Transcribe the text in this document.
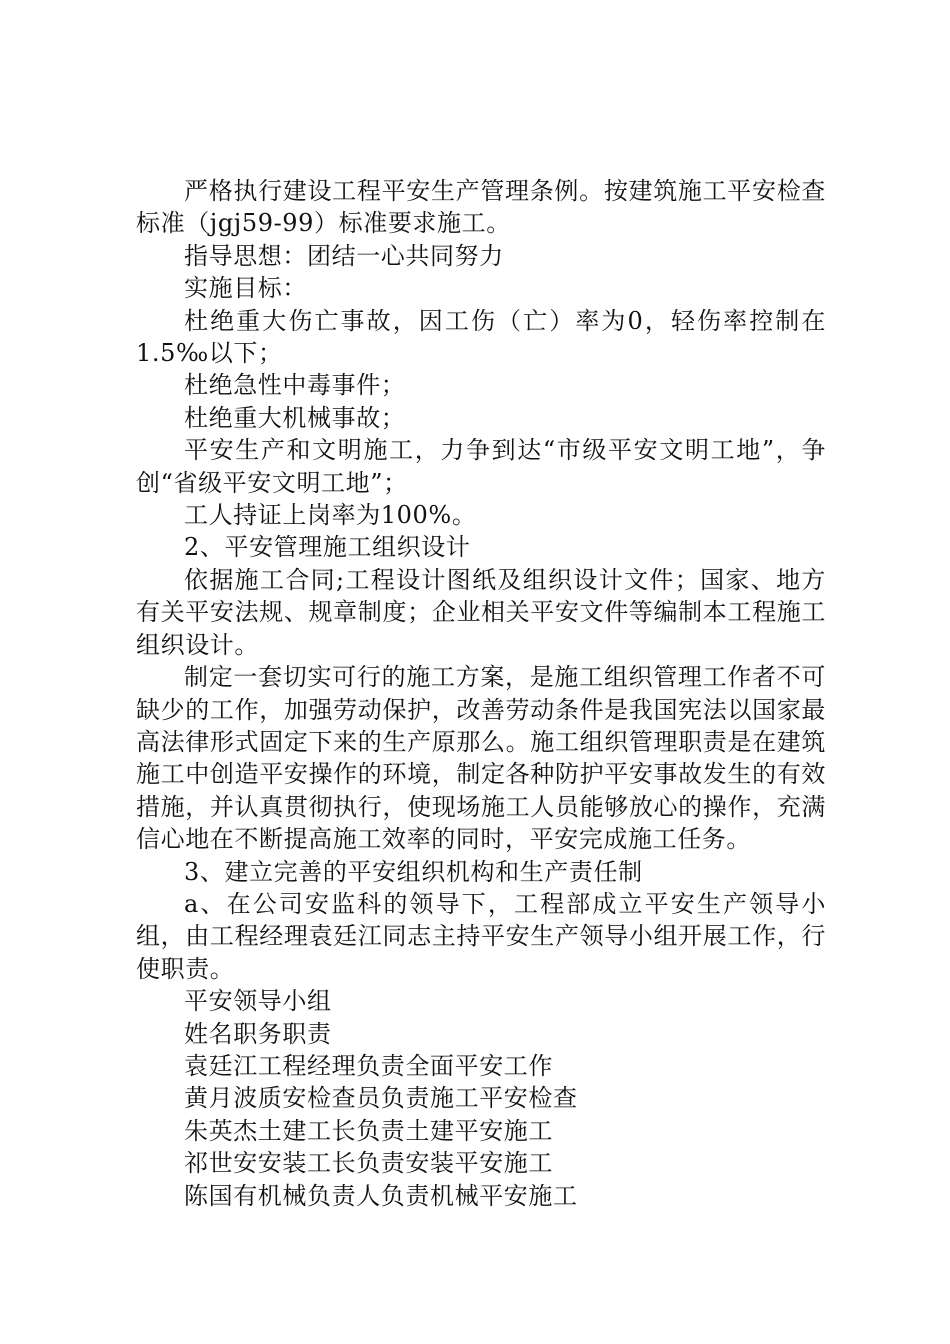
严格执行建设工程平安生产管理条例。按建筑施工平安检查标准（jgj59-99）标准要求施工。

指导思想：团结一心共同努力

实施目标：

杜绝重大伤亡事故，因工伤（亡）率为0，轻伤率控制在1.5‰以下；

杜绝急性中毒事件；

杜绝重大机械事故；

平安生产和文明施工，力争到达“市级平安文明工地”，争创“省级平安文明工地”；

工人持证上岗率为100%。

2、平安管理施工组织设计

依据施工合同;工程设计图纸及组织设计文件；国家、地方有关平安法规、规章制度；企业相关平安文件等编制本工程施工组织设计。

制定一套切实可行的施工方案，是施工组织管理工作者不可缺少的工作，加强劳动保护，改善劳动条件是我国宪法以国家最高法律形式固定下来的生产原那么。施工组织管理职责是在建筑施工中创造平安操作的环境，制定各种防护平安事故发生的有效措施，并认真贯彻执行，使现场施工人员能够放心的操作，充满信心地在不断提高施工效率的同时，平安完成施工任务。

3、建立完善的平安组织机构和生产责任制

a、在公司安监科的领导下，工程部成立平安生产领导小组，由工程经理袁廷江同志主持平安生产领导小组开展工作，行使职责。

平安领导小组

姓名职务职责

袁廷江工程经理负责全面平安工作

黄月波质安检查员负责施工平安检查

朱英杰土建工长负责土建平安施工

祁世安安装工长负责安装平安施工

陈国有机械负责人负责机械平安施工
